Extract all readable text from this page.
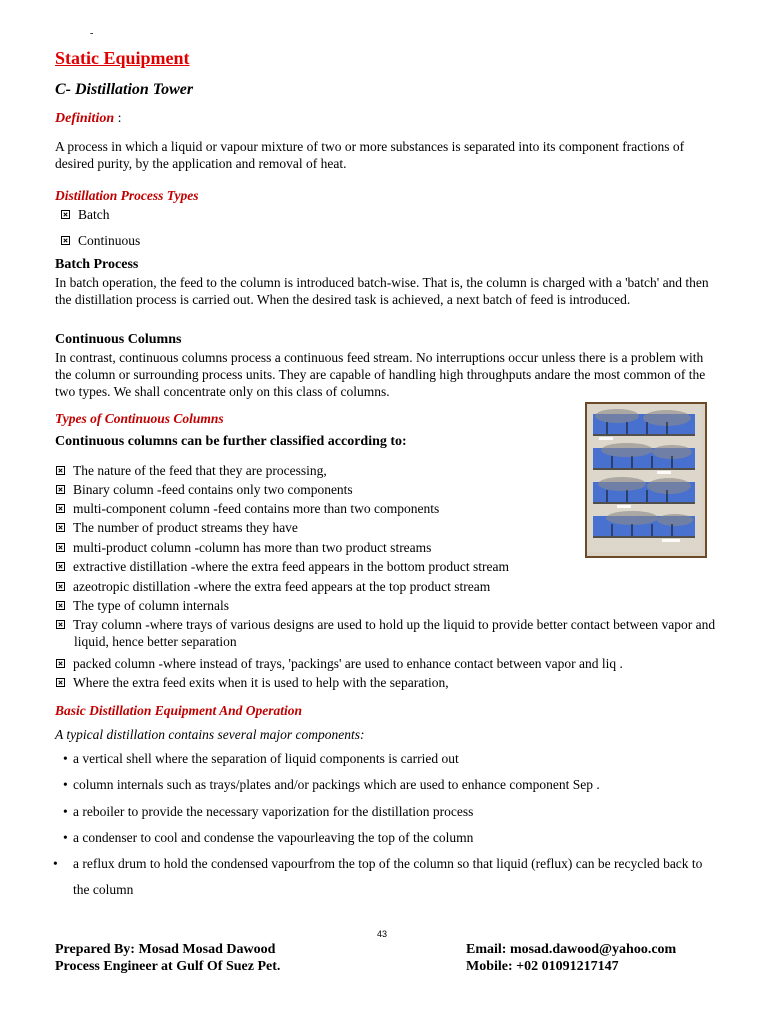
-
Static Equipment
C- Distillation Tower
Definition :
A process in which a liquid or vapour mixture of two or more substances is separated into its component fractions of desired purity, by the application and removal of heat.
Distillation Process Types
Batch
Continuous
Batch Process
In batch operation, the feed to the column is introduced batch-wise. That is, the column is charged with a 'batch' and then the distillation process is carried out. When the desired task is achieved, a next batch of feed is introduced.
Continuous Columns
In contrast, continuous columns process a continuous feed stream. No interruptions occur unless there is a problem with the column or surrounding process units. They are capable of handling high throughputs andare the most common of the two types. We shall concentrate only on this class of columns.
Types of Continuous Columns
Continuous columns can be further classified according to:
The nature of the feed that they are processing,
Binary column -feed contains only two components
multi-component column -feed contains more than two components
The number of product streams they have
multi-product column -column has more than two product streams
extractive distillation -where the extra feed appears in the bottom product stream
azeotropic distillation -where the extra feed appears at the top product stream
The type of column internals
Tray column -where trays of various designs are used to hold up the liquid to provide better contact between vapor and liquid, hence better separation
packed column -where instead of trays, 'packings' are used to enhance contact between vapor and liq .
Where the extra feed exits when it is used to help with the separation,
Basic Distillation Equipment And Operation
A typical distillation contains several major components:
• a vertical shell where the separation of liquid components is carried out
• column internals such as trays/plates and/or packings which are used to enhance component Sep .
• a reboiler to provide the necessary vaporization for the distillation process
• a condenser to cool and condense the vapourleaving the top of the column
• a reflux drum to hold the condensed vapourfrom the top of the column so that liquid (reflux) can be recycled back to the column
43
Prepared By: Mosad Mosad Dawood
Process Engineer at Gulf Of Suez Pet.
Email: mosad.dawood@yahoo.com
Mobile: +02 01091217147
